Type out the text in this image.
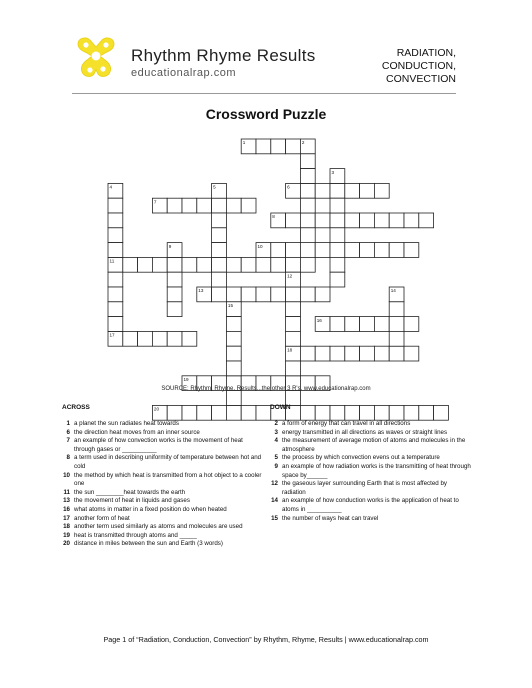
Rhythm Rhyme Results
educationalrap.com
RADIATION,
CONDUCTION,
CONVECTION
Crossword Puzzle
1
6
7
8
10
11
13
16
17
18
19
20
2
3
4	5
9
12
14
15
SOURCE: Rhythm, Rhyme, Results...the other 3 R's. www.educationalrap.com
ACROSS	DOWN
1 a planet the sun radiates heat towards
6 the direction heat moves from an inner source
7 an example of how convection works is the movement of heat through gases or __________
8 a term used in describing uniformity of temperature between hot and cold
10 the method by which heat is transmitted from a hot object to a cooler one
11 the sun ________heat towards the earth
13 the movement of heat in liquids and gases
16 what atoms in matter in a fixed position do when heated
17 another form of heat
18 another term used similarly as atoms and molecules are used
19 heat is transmitted through atoms and _____
20 distance in miles between the sun and Earth (3 words)
2 a form of energy that can travel in all directions
3 energy transmitted in all directions as waves or straight lines
4 the measurement of average motion of atoms and molecules in the atmosphere
5 the process by which convection evens out a temperature
9 an example of how radiation works is the transmitting of heat through space by______
12 the gaseous layer surrounding Earth that is most affected by radiation
14 an example of how conduction works is the application of heat to atoms in __________
15 the number of ways heat can travel
Page 1 of “Radiation, Conduction, Convection” by Rhythm, Rhyme, Results | www.educationalrap.com
